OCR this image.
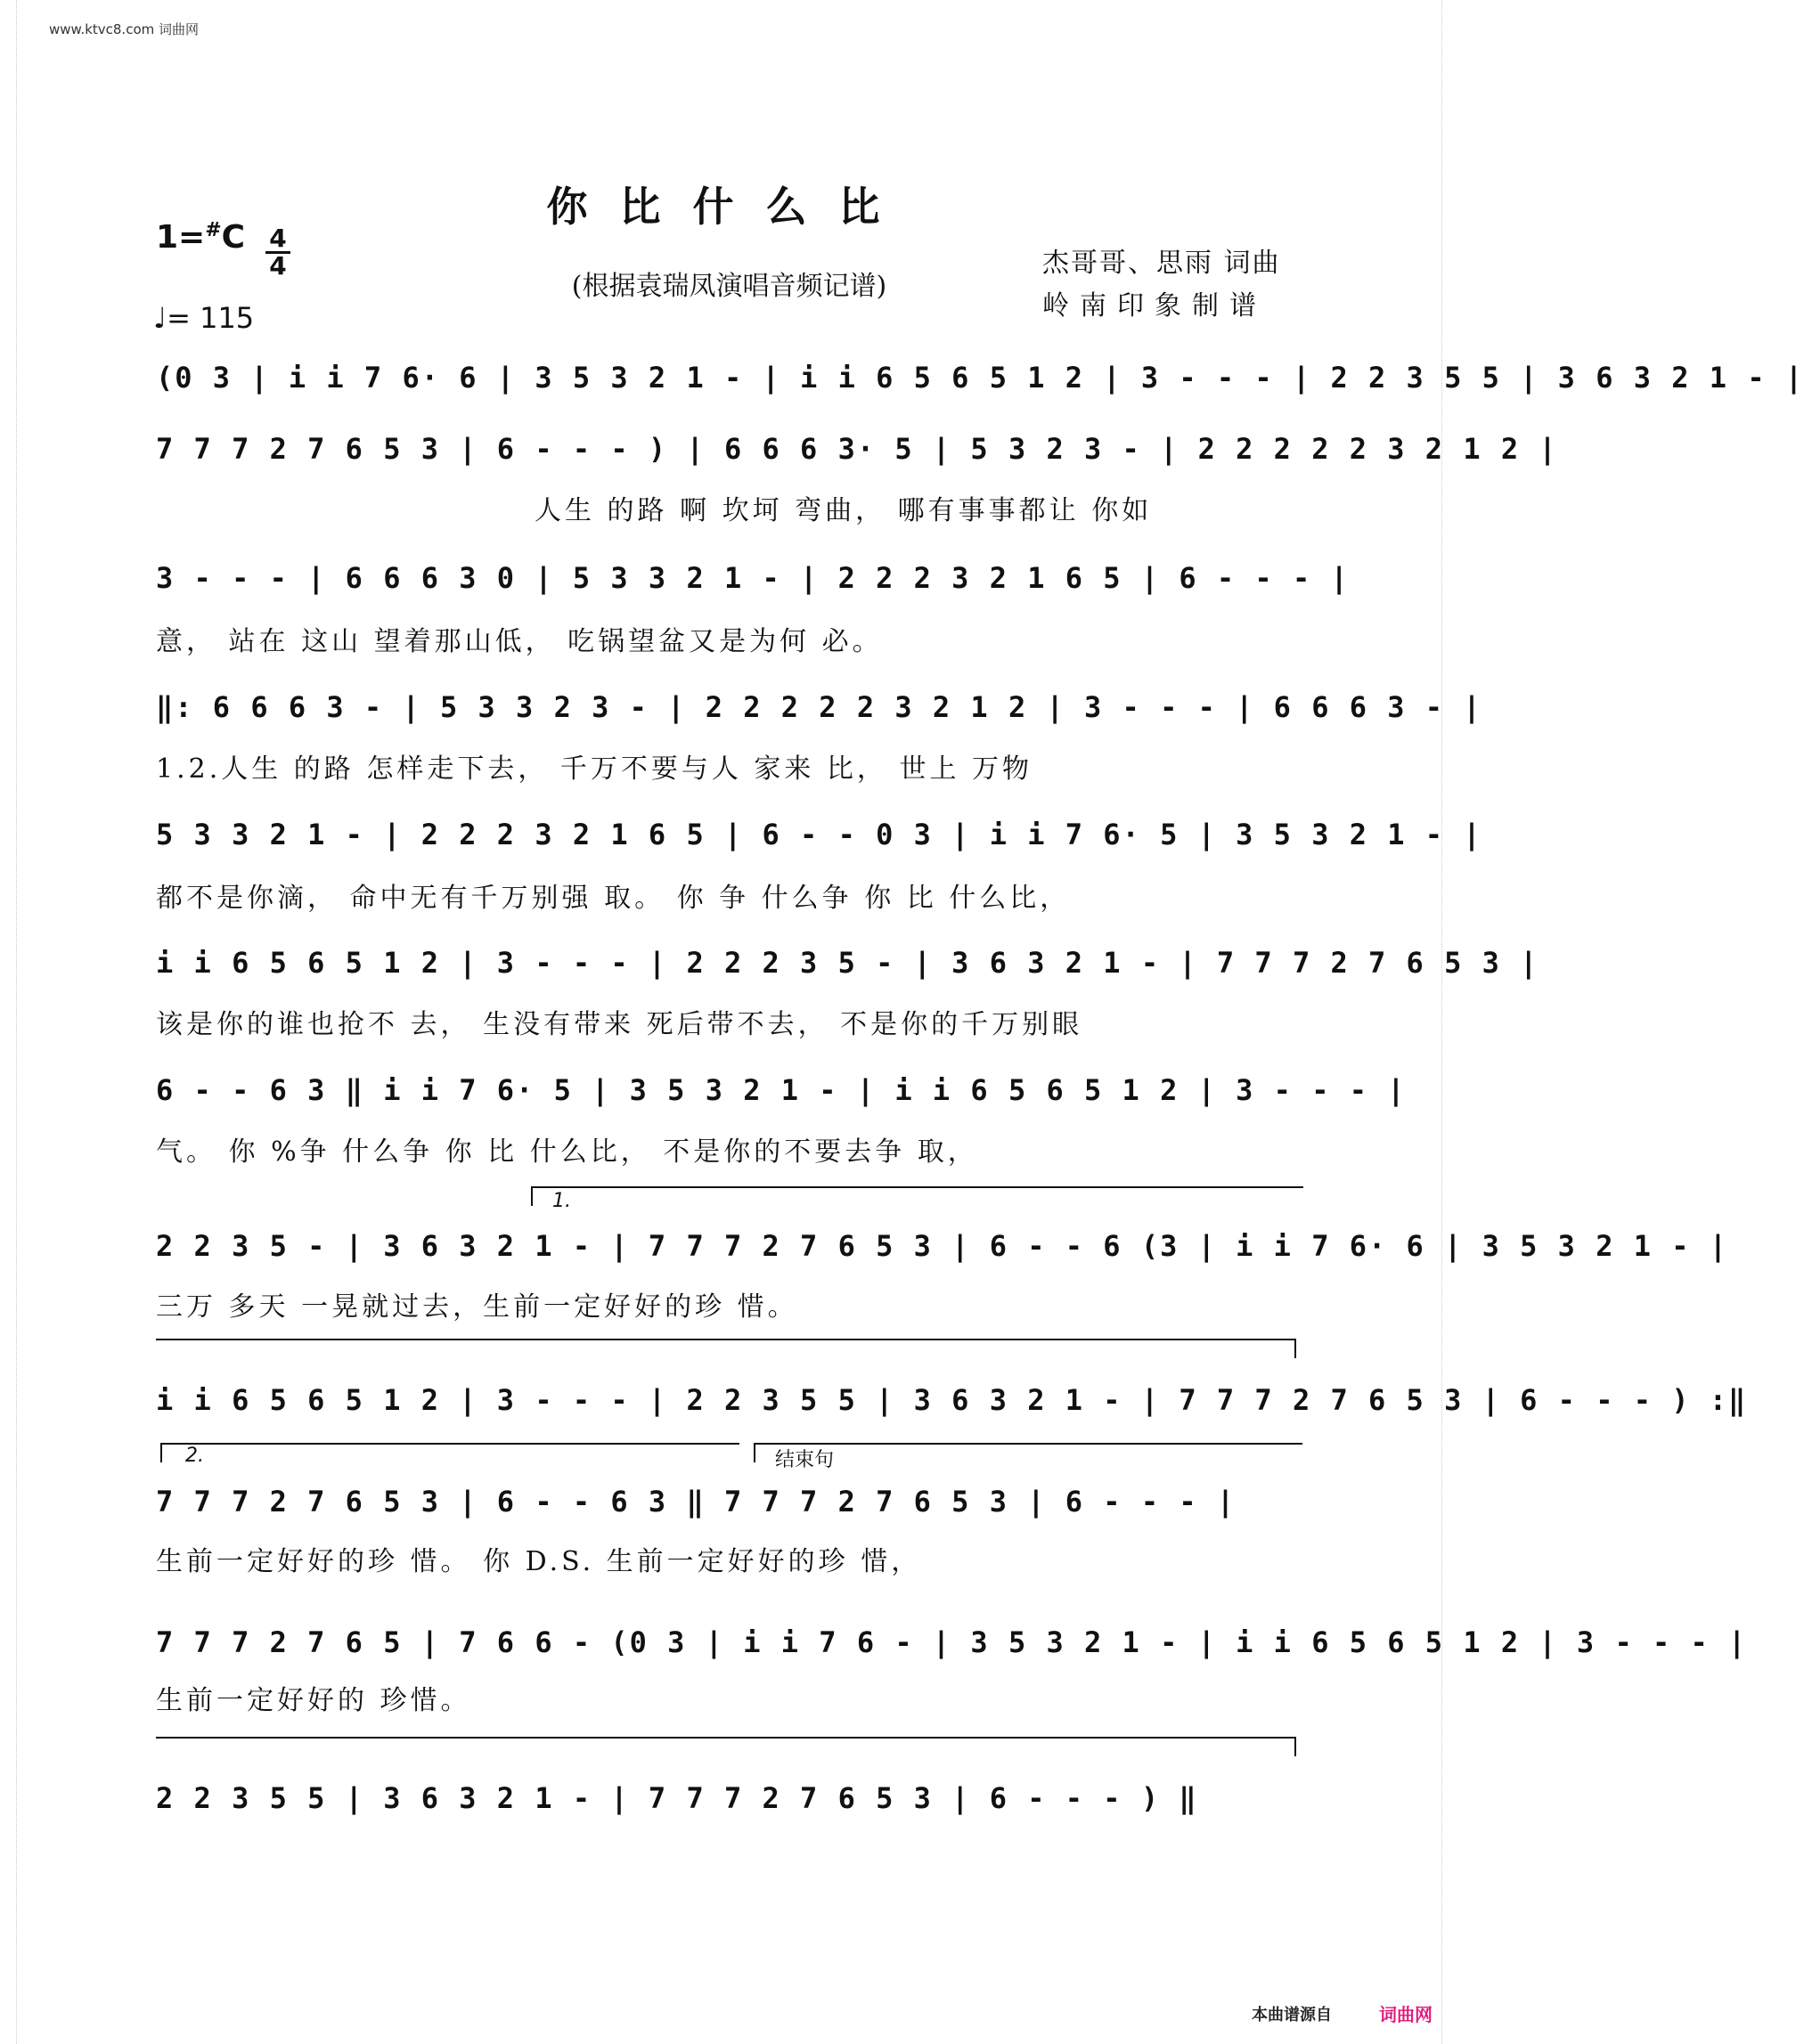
www.ktvc8.com 词曲网
你比什么比
(根据袁瑞凤演唱音频记谱)
1=#C 4
4
♩= 115
杰哥哥、思雨 词曲
岭南印象制谱
(0 3 | i i 7 6· 6 | 3 5 3 2 1 - | i i 6 5 6 5 1 2 | 3 - - - | 2 2 3 5 5 | 3 6 3 2 1 - |
7 7 7 2 7 6 5 3 | 6 - - - ) | 6 6 6 3· 5 | 5 3 2 3 - | 2 2 2 2 2 3 2 1 2 |
人生 的路 啊 坎坷 弯曲， 哪有事事都让 你如
3 - - - | 6 6 6 3 0 | 5 3 3 2 1 - | 2 2 2 3 2 1 6 5 | 6 - - - |
意， 站在 这山 望着那山低， 吃锅望盆又是为何 必。
‖: 6 6 6 3 - | 5 3 3 2 3 - | 2 2 2 2 2 3 2 1 2 | 3 - - - | 6 6 6 3 - |
1.2.人生 的路 怎样走下去， 千万不要与人 家来 比， 世上 万物
5 3 3 2 1 - | 2 2 2 3 2 1 6 5 | 6 - - 0 3 | i i 7 6· 5 | 3 5 3 2 1 - |
都不是你滴， 命中无有千万别强 取。 你 争 什么争 你 比 什么比，
i i 6 5 6 5 1 2 | 3 - - - | 2 2 2 3 5 - | 3 6 3 2 1 - | 7 7 7 2 7 6 5 3 |
该是你的谁也抢不 去， 生没有带来 死后带不去， 不是你的千万别眼
6 - - 6 3 ‖ i i 7 6· 5 | 3 5 3 2 1 - | i i 6 5 6 5 1 2 | 3 - - - |
气。 你 %争 什么争 你 比 什么比， 不是你的不要去争 取，
1.
2 2 3 5 - | 3 6 3 2 1 - | 7 7 7 2 7 6 5 3 | 6 - - 6 (3 | i i 7 6· 6 | 3 5 3 2 1 - |
三万 多天 一晃就过去，生前一定好好的珍 惜。
i i 6 5 6 5 1 2 | 3 - - - | 2 2 3 5 5 | 3 6 3 2 1 - | 7 7 7 2 7 6 5 3 | 6 - - - ) :‖
2.	结束句
7 7 7 2 7 6 5 3 | 6 - - 6 3 ‖ 7 7 7 2 7 6 5 3 | 6 - - - |
生前一定好好的珍 惜。 你 D.S. 生前一定好好的珍 惜，
7 7 7 2 7 6 5 | 7 6 6 - (0 3 | i i 7 6 - | 3 5 3 2 1 - | i i 6 5 6 5 1 2 | 3 - - - |
生前一定好好的 珍惜。
2 2 3 5 5 | 3 6 3 2 1 - | 7 7 7 2 7 6 5 3 | 6 - - - ) ‖
本曲谱源自	词曲网
